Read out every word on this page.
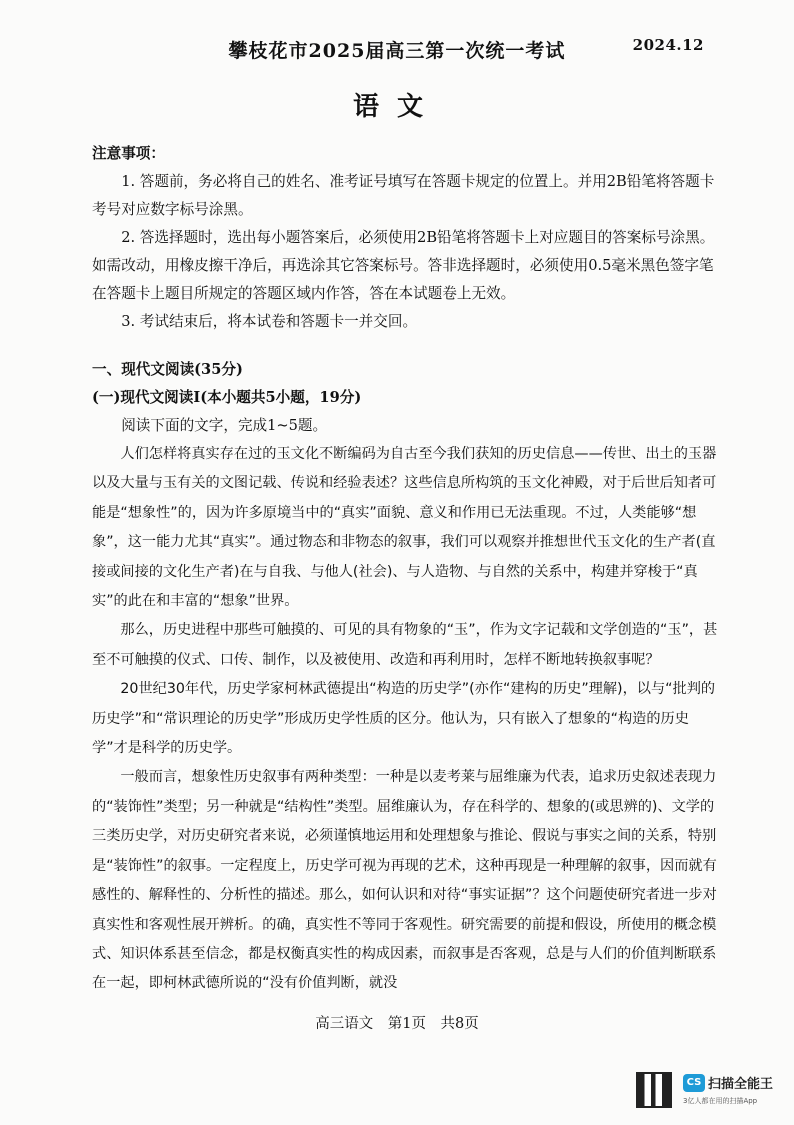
攀枝花市2025届高三第一次统一考试	2024.12
语文

注意事项：

1. 答题前，务必将自己的姓名、准考证号填写在答题卡规定的位置上。并用2B铅笔将答题卡考号对应数字标号涂黑。

2. 答选择题时，选出每小题答案后，必须使用2B铅笔将答题卡上对应题目的答案标号涂黑。如需改动，用橡皮擦干净后，再选涂其它答案标号。答非选择题时，必须使用0.5毫米黑色签字笔在答题卡上题目所规定的答题区域内作答，答在本试题卷上无效。

3. 考试结束后，将本试卷和答题卡一并交回。

一、现代文阅读(35分)

(一)现代文阅读Ⅰ(本小题共5小题，19分)

阅读下面的文字，完成1~5题。

人们怎样将真实存在过的玉文化不断编码为自古至今我们获知的历史信息——传世、出土的玉器以及大量与玉有关的文图记载、传说和经验表述？这些信息所构筑的玉文化神殿，对于后世后知者可能是“想象性”的，因为许多原境当中的“真实”面貌、意义和作用已无法重现。不过，人类能够“想象”，这一能力尤其“真实”。通过物态和非物态的叙事，我们可以观察并推想世代玉文化的生产者(直接或间接的文化生产者)在与自我、与他人(社会)、与人造物、与自然的关系中，构建并穿梭于“真实”的此在和丰富的“想象”世界。

那么，历史进程中那些可触摸的、可见的具有物象的“玉”，作为文字记载和文学创造的“玉”，甚至不可触摸的仪式、口传、制作，以及被使用、改造和再利用时，怎样不断地转换叙事呢？

20世纪30年代，历史学家柯林武德提出“构造的历史学”(亦作“建构的历史”理解)，以与“批判的历史学”和“常识理论的历史学”形成历史学性质的区分。他认为，只有嵌入了想象的“构造的历史学”才是科学的历史学。

一般而言，想象性历史叙事有两种类型：一种是以麦考莱与屈维廉为代表，追求历史叙述表现力的“装饰性”类型；另一种就是“结构性”类型。屈维廉认为，存在科学的、想象的(或思辨的)、文学的三类历史学，对历史研究者来说，必须谨慎地运用和处理想象与推论、假说与事实之间的关系，特别是“装饰性”的叙事。一定程度上，历史学可视为再现的艺术，这种再现是一种理解的叙事，因而就有感性的、解释性的、分析性的描述。那么，如何认识和对待“事实证据”？这个问题使研究者进一步对真实性和客观性展开辨析。的确，真实性不等同于客观性。研究需要的前提和假设，所使用的概念模式、知识体系甚至信念，都是权衡真实性的构成因素，而叙事是否客观，总是与人们的价值判断联系在一起，即柯林武德所说的“没有价值判断，就没

高三语文　第1页　共8页
CS 扫描全能王
3亿人都在用的扫描App
